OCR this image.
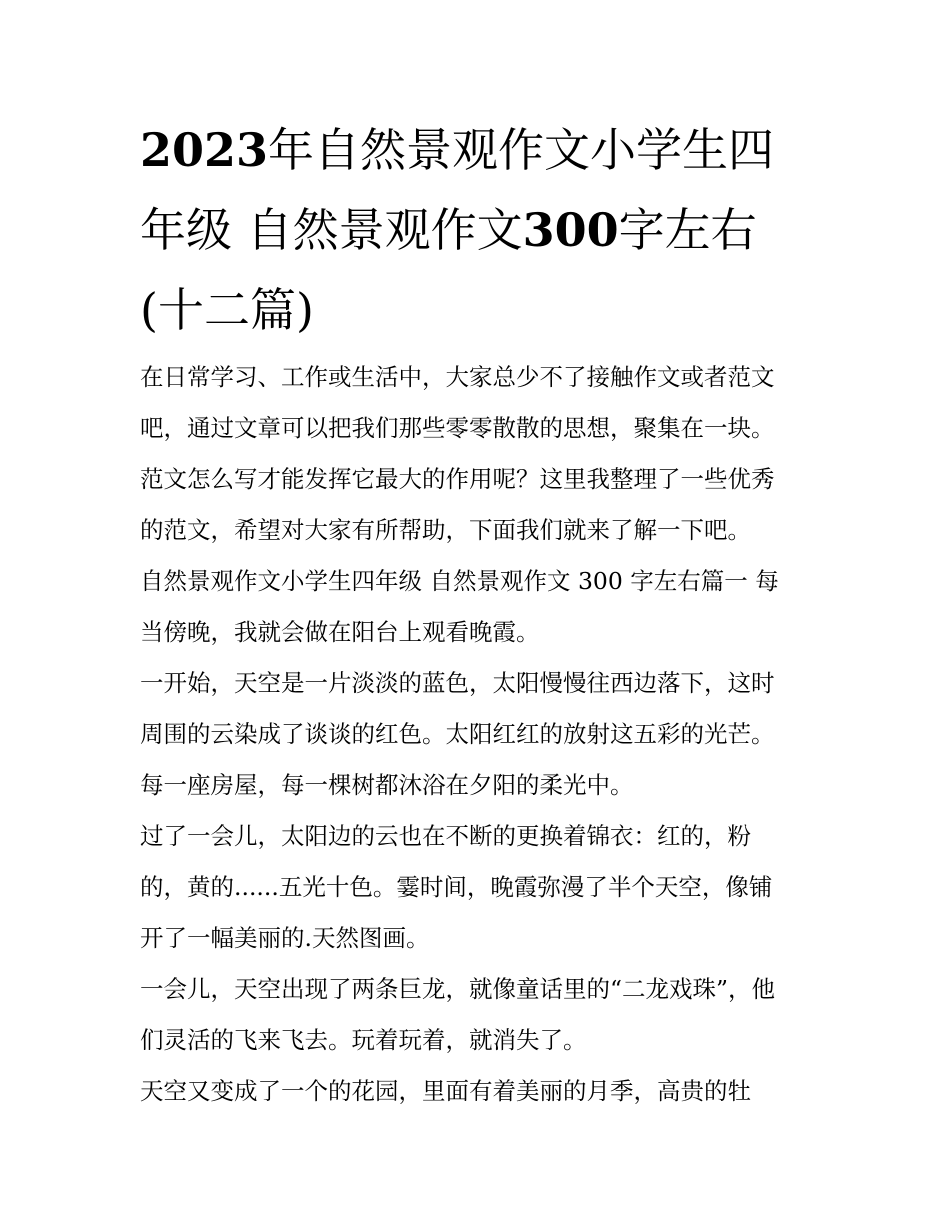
2023年自然景观作文小学生四
年级 自然景观作文300字左右
(十二篇)
在日常学习、工作或生活中，大家总少不了接触作文或者范文
吧，通过文章可以把我们那些零零散散的思想，聚集在一块。
范文怎么写才能发挥它最大的作用呢？这里我整理了一些优秀
的范文，希望对大家有所帮助，下面我们就来了解一下吧。
自然景观作文小学生四年级 自然景观作文 300 字左右篇一 每
当傍晚，我就会做在阳台上观看晚霞。
一开始，天空是一片淡淡的蓝色，太阳慢慢往西边落下，这时
周围的云染成了谈谈的红色。太阳红红的放射这五彩的光芒。
每一座房屋，每一棵树都沐浴在夕阳的柔光中。
过了一会儿，太阳边的云也在不断的更换着锦衣：红的，粉
的，黄的......五光十色。霎时间，晚霞弥漫了半个天空，像铺
开了一幅美丽的.天然图画。
一会儿，天空出现了两条巨龙，就像童话里的“二龙戏珠”，他
们灵活的飞来飞去。玩着玩着，就消失了。
天空又变成了一个的花园，里面有着美丽的月季，高贵的牡
